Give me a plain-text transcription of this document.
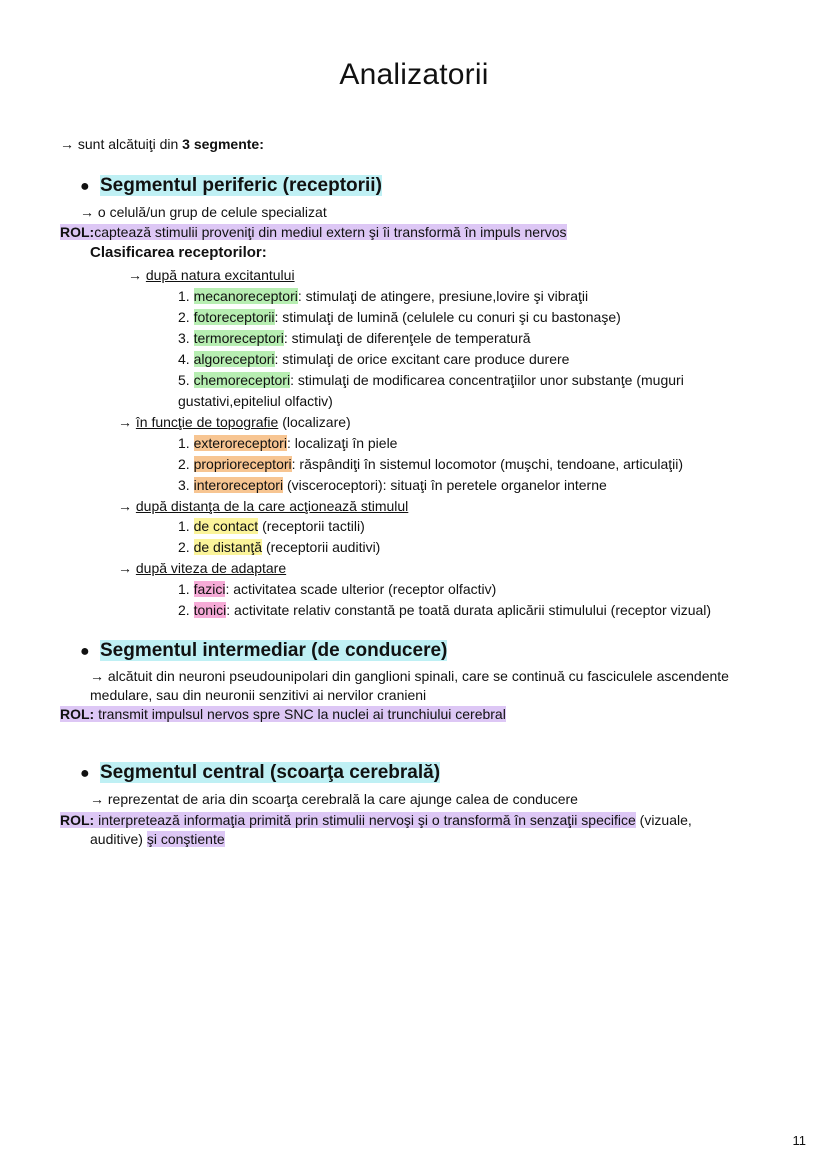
Analizatorii
→ sunt alcătuiţi din 3 segmente:
● Segmentul periferic (receptorii)
→ o celulă/un grup de celule specializat
ROL:captează stimulii proveniţi din mediul extern şi îi transformă în impuls nervos
Clasificarea receptorilor:
→ după natura excitantului
1. mecanoreceptori: stimulaţi de atingere, presiune,lovire şi vibraţii
2. fotoreceptorii: stimulaţi de lumină (celulele cu conuri şi cu bastonaşe)
3. termoreceptori: stimulaţi de diferenţele de temperatură
4. algoreceptori: stimulaţi de orice excitant care produce durere
5. chemoreceptori: stimulaţi de modificarea concentraţiilor unor substanţe (muguri
gustativi,epiteliul olfactiv)
→ în funcţie de topografie (localizare)
1. exteroreceptori: localizaţi în piele
2. proprioreceptori: răspândiţi în sistemul locomotor (muşchi, tendoane, articulaţii)
3. interoreceptori (visceroceptori): situaţi în peretele organelor interne
→ după distanţa de la care acţionează stimulul
1. de contact (receptorii tactili)
2. de distanţă (receptorii auditivi)
→ după viteza de adaptare
1. fazici: activitatea scade ulterior (receptor olfactiv)
2. tonici: activitate relativ constantă pe toată durata aplicării stimulului (receptor vizual)
● Segmentul intermediar (de conducere)
→ alcătuit din neuroni pseudounipolari din ganglioni spinali, care se continuă cu fasciculele ascendente
medulare, sau din neuronii senzitivi ai nervilor cranieni
ROL: transmit impulsul nervos spre SNC la nuclei ai trunchiului cerebral
● Segmentul central (scoarţa cerebrală)
→ reprezentat de aria din scoarţa cerebrală la care ajunge calea de conducere
ROL: interpretează informaţia primită prin stimulii nervoşi şi o transformă în senzaţii specifice (vizuale,
auditive) şi conştiente
11
